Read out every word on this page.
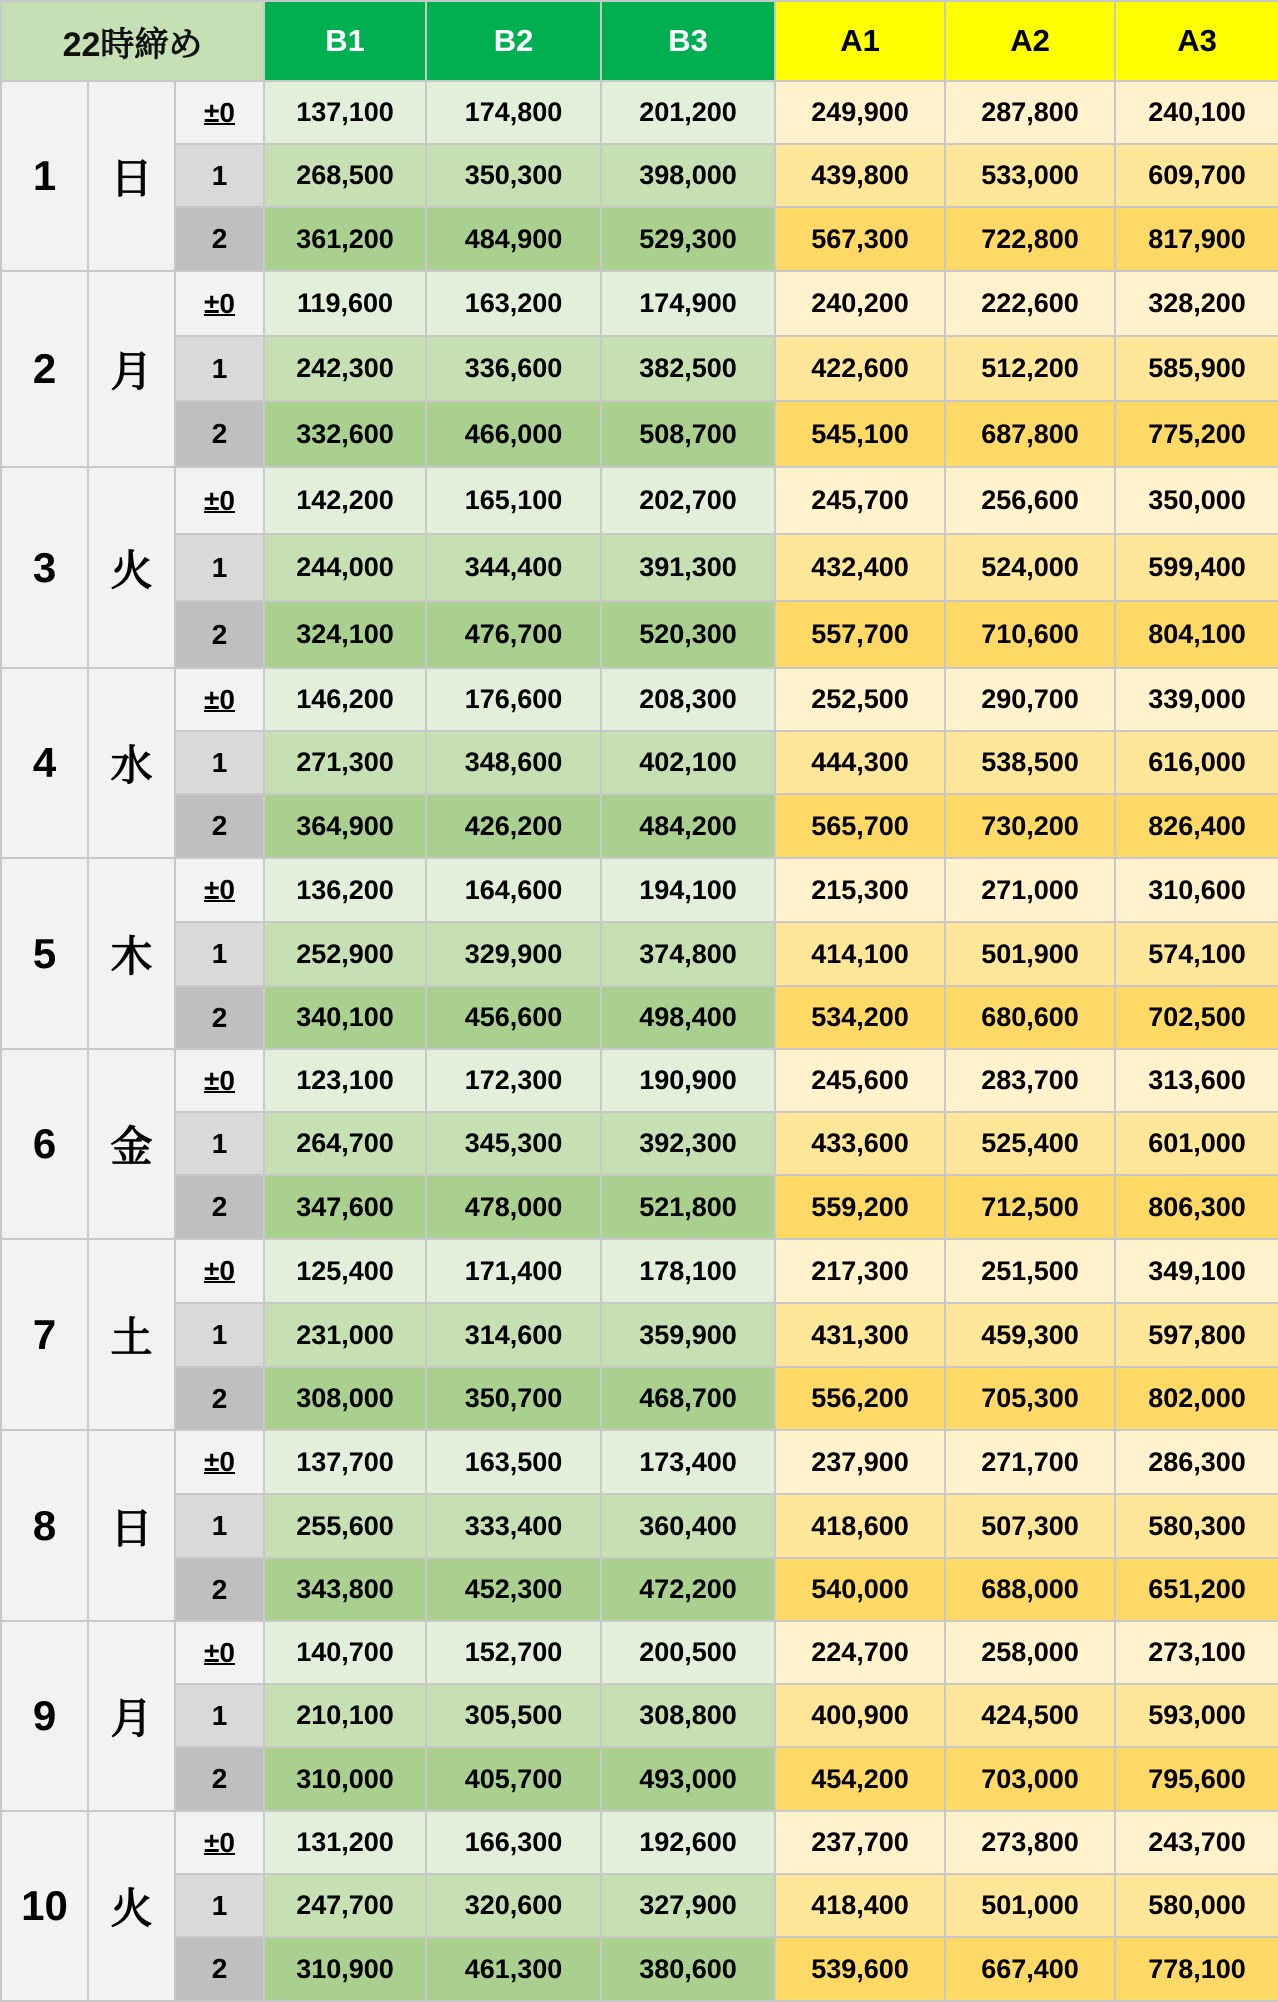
22時締め			B1	B2	B3	A1	A2	A3
1	日	±0	137,100	174,800	201,200	249,900	287,800	240,100
		1	268,500	350,300	398,000	439,800	533,000	609,700
		2	361,200	484,900	529,300	567,300	722,800	817,900
2	月	±0	119,600	163,200	174,900	240,200	222,600	328,200
		1	242,300	336,600	382,500	422,600	512,200	585,900
		2	332,600	466,000	508,700	545,100	687,800	775,200
3	火	±0	142,200	165,100	202,700	245,700	256,600	350,000
		1	244,000	344,400	391,300	432,400	524,000	599,400
		2	324,100	476,700	520,300	557,700	710,600	804,100
4	水	±0	146,200	176,600	208,300	252,500	290,700	339,000
		1	271,300	348,600	402,100	444,300	538,500	616,000
		2	364,900	426,200	484,200	565,700	730,200	826,400
5	木	±0	136,200	164,600	194,100	215,300	271,000	310,600
		1	252,900	329,900	374,800	414,100	501,900	574,100
		2	340,100	456,600	498,400	534,200	680,600	702,500
6	金	±0	123,100	172,300	190,900	245,600	283,700	313,600
		1	264,700	345,300	392,300	433,600	525,400	601,000
		2	347,600	478,000	521,800	559,200	712,500	806,300
7	土	±0	125,400	171,400	178,100	217,300	251,500	349,100
		1	231,000	314,600	359,900	431,300	459,300	597,800
		2	308,000	350,700	468,700	556,200	705,300	802,000
8	日	±0	137,700	163,500	173,400	237,900	271,700	286,300
		1	255,600	333,400	360,400	418,600	507,300	580,300
		2	343,800	452,300	472,200	540,000	688,000	651,200
9	月	±0	140,700	152,700	200,500	224,700	258,000	273,100
		1	210,100	305,500	308,800	400,900	424,500	593,000
		2	310,000	405,700	493,000	454,200	703,000	795,600
10	火	±0	131,200	166,300	192,600	237,700	273,800	243,700
		1	247,700	320,600	327,900	418,400	501,000	580,000
		2	310,900	461,300	380,600	539,600	667,400	778,100
